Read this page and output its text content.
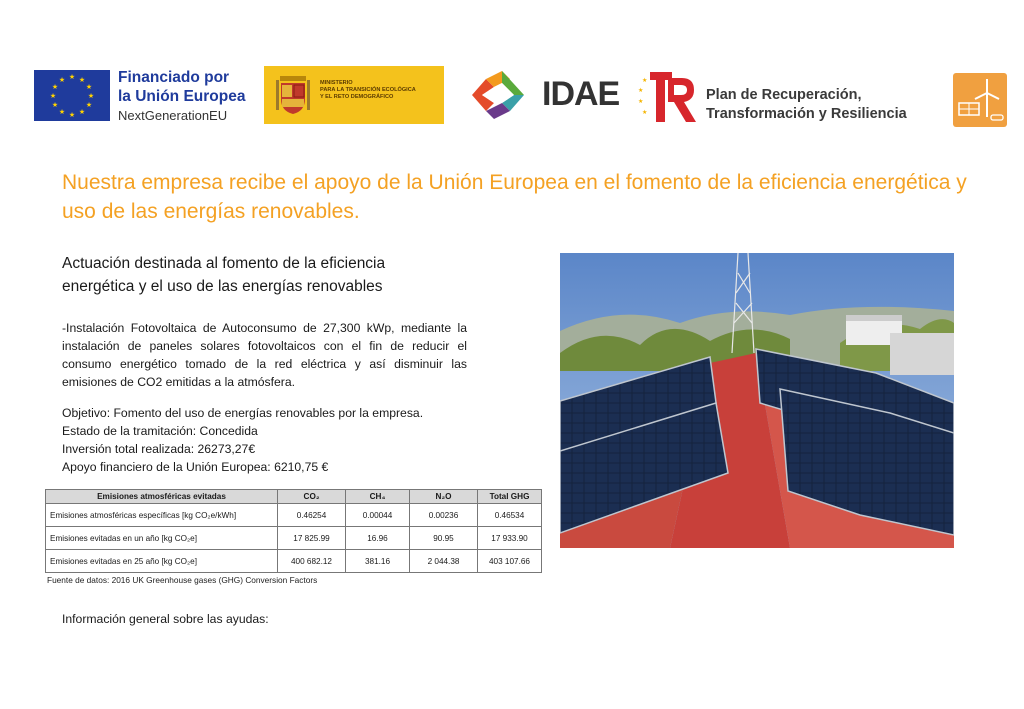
★ ★
★
★
★
★
★
★
★
★
★
★	Financiado por
la Unión Europea
NextGenerationEU
MINISTERIO
PARA LA TRANSICIÓN ECOLÓGICA
Y EL RETO DEMOGRÁFICO	IDAE	★
★
★
★
Plan de Recuperación,
Transformación y Resiliencia
Nuestra empresa recibe el apoyo de la Unión Europea en el fomento de la eficiencia energética y uso de las energías renovables.
Actuación destinada al fomento de la eficiencia energética y el uso de las energías renovables

-Instalación Fotovoltaica de Autoconsumo de 27,300 kWp, mediante la instalación de paneles solares fotovoltaicos con el fin de reducir el consumo energético tomado de la red eléctrica y así disminuir las emisiones de CO2 emitidas a la atmósfera.

Objetivo: Fomento del uso de energías renovables por la empresa.
Estado de la tramitación: Concedida
Inversión total realizada: 26273,27€
Apoyo financiero de la Unión Europea: 6210,75 €
Emisiones atmosféricas evitadas	CO₂	CH₄	N₂O	Total GHG
Emisiones atmosféricas específicas [kg CO₂e/kWh]	0.46254	0.00044	0.00236	0.46534
Emisiones evitadas en un año [kg CO₂e]	17 825.99	16.96	90.95	17 933.90
Emisiones evitadas en 25 año [kg CO₂e]	400 682.12	381.16	2 044.38	403 107.66
Fuente de datos: 2016 UK Greenhouse gases (GHG) Conversion Factors
Información general sobre las ayudas:
